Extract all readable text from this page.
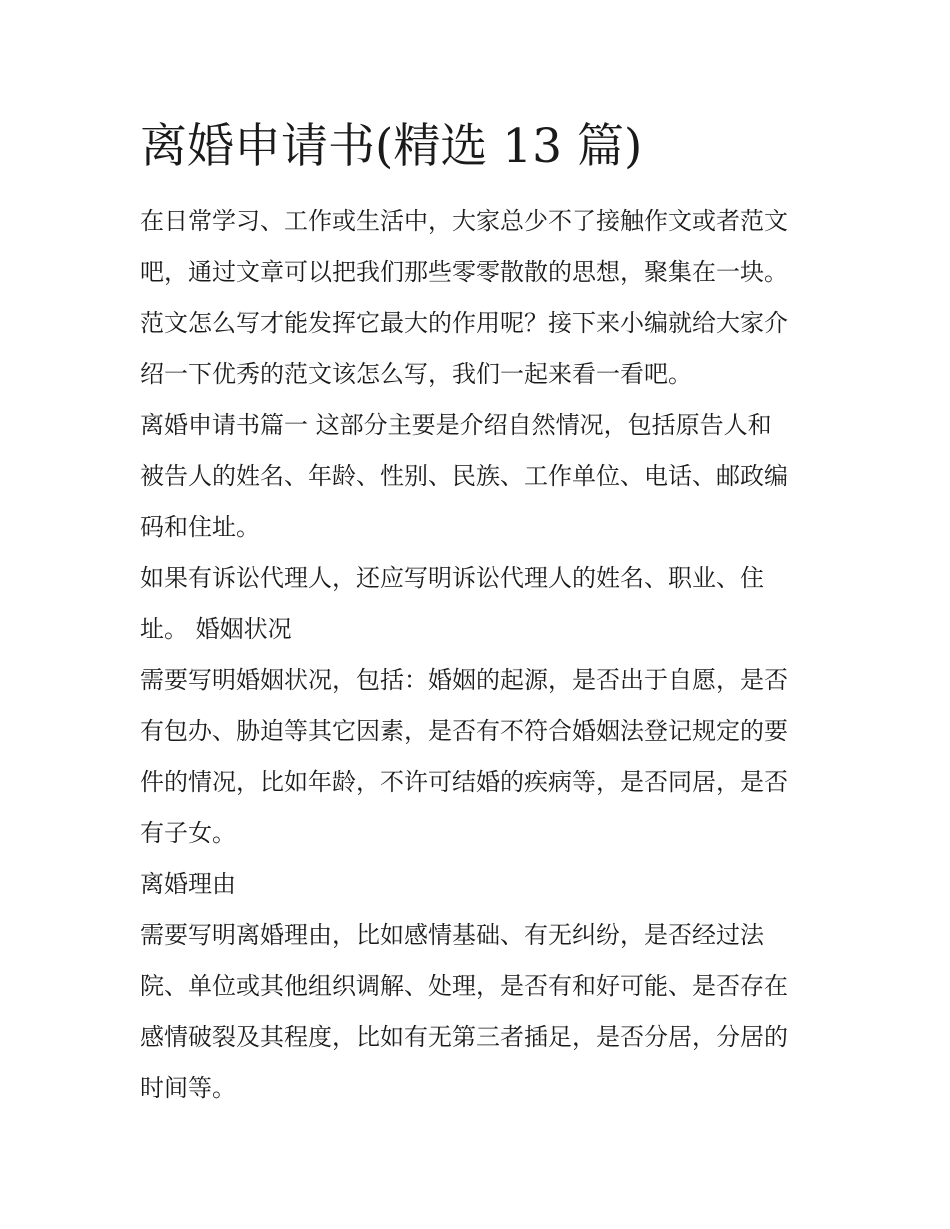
离婚申请书(精选 13 篇)
在日常学习、工作或生活中，大家总少不了接触作文或者范文
吧，通过文章可以把我们那些零零散散的思想，聚集在一块。
范文怎么写才能发挥它最大的作用呢？接下来小编就给大家介
绍一下优秀的范文该怎么写，我们一起来看一看吧。
离婚申请书篇一 这部分主要是介绍自然情况，包括原告人和
被告人的姓名、年龄、性别、民族、工作单位、电话、邮政编
码和住址。
如果有诉讼代理人，还应写明诉讼代理人的姓名、职业、住
址。 婚姻状况
需要写明婚姻状况，包括：婚姻的起源，是否出于自愿，是否
有包办、胁迫等其它因素，是否有不符合婚姻法登记规定的要
件的情况，比如年龄，不许可结婚的疾病等，是否同居，是否
有子女。
离婚理由
需要写明离婚理由，比如感情基础、有无纠纷，是否经过法
院、单位或其他组织调解、处理，是否有和好可能、是否存在
感情破裂及其程度，比如有无第三者插足，是否分居，分居的
时间等。
